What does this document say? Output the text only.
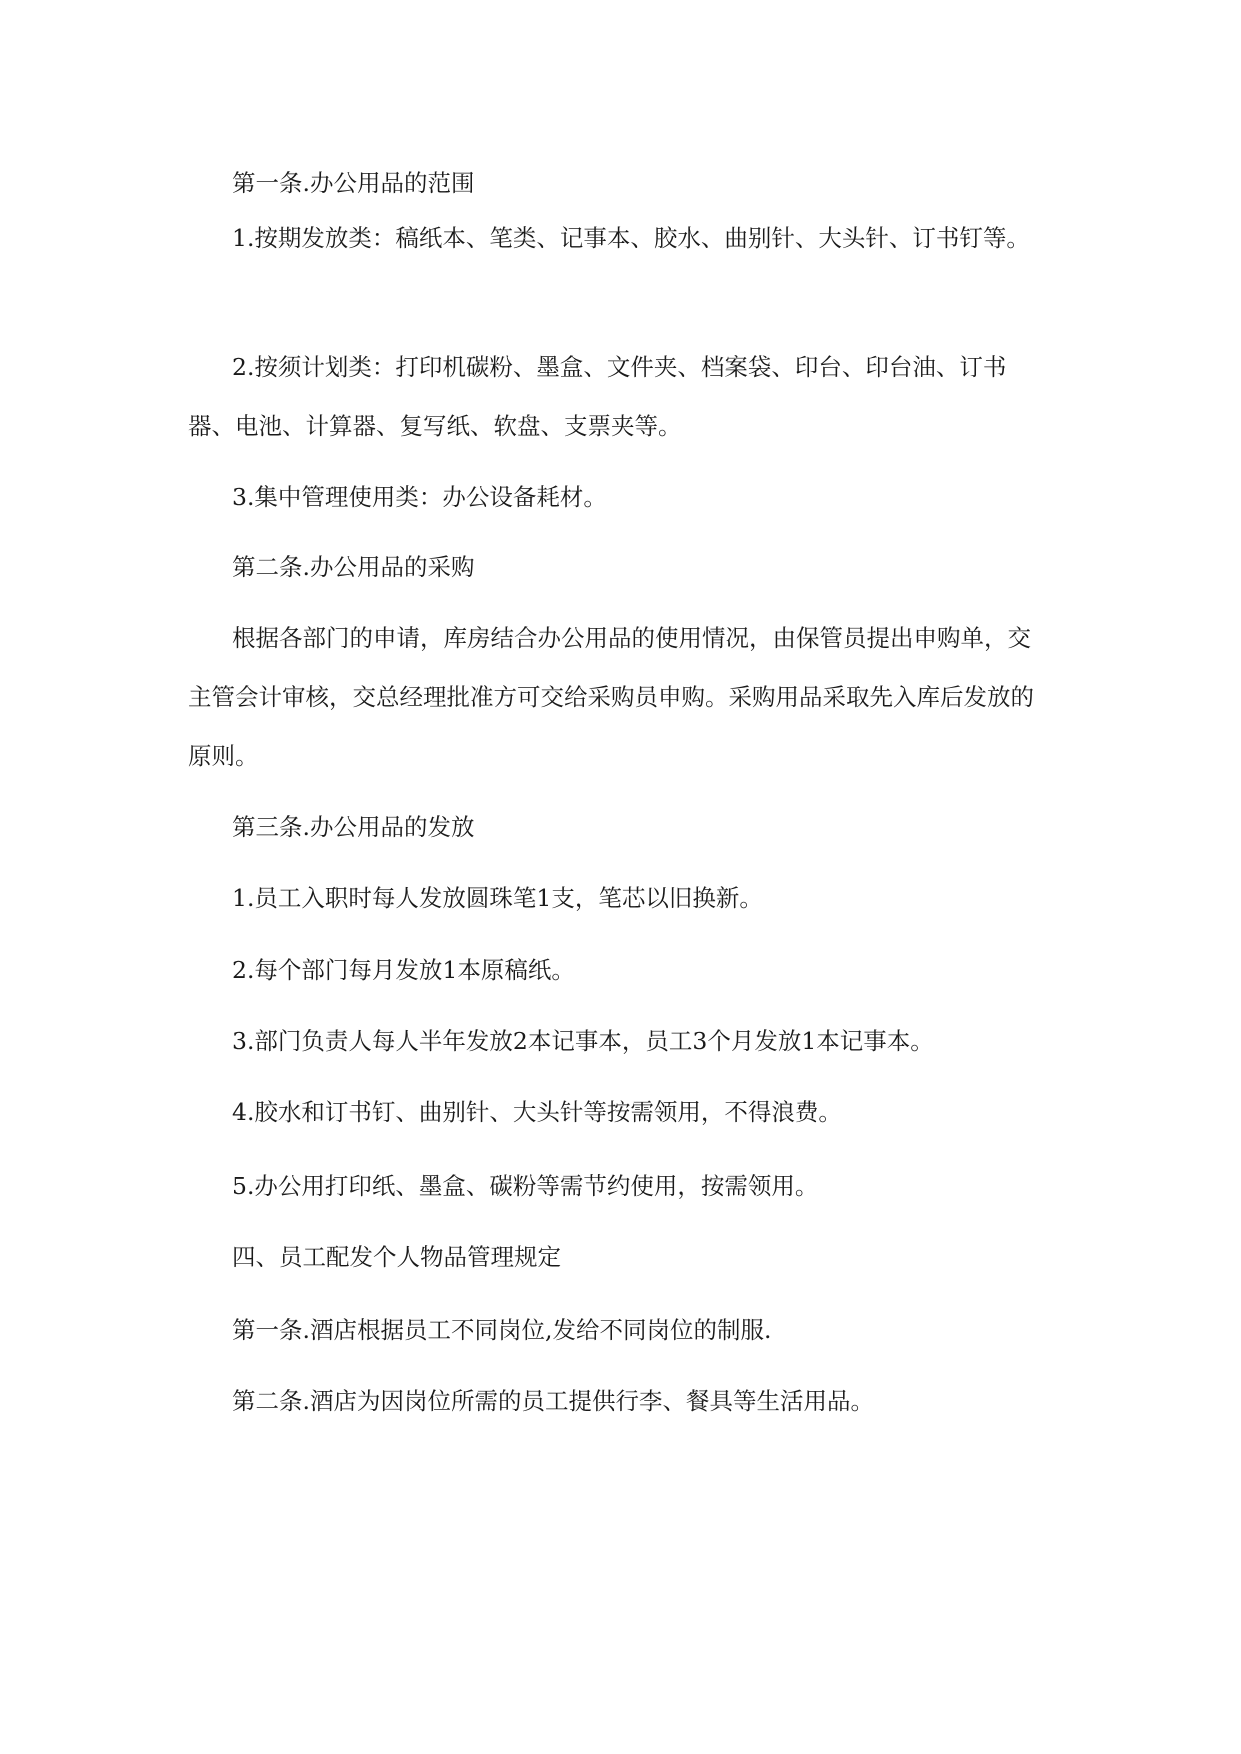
第一条.办公用品的范围

1.按期发放类：稿纸本、笔类、记事本、胶水、曲别针、大头针、订书钉等。

2.按须计划类：打印机碳粉、墨盒、文件夹、档案袋、印台、印台油、订书器、电池、计算器、复写纸、软盘、支票夹等。

3.集中管理使用类：办公设备耗材。

第二条.办公用品的采购

根据各部门的申请，库房结合办公用品的使用情况，由保管员提出申购单，交主管会计审核，交总经理批准方可交给采购员申购。采购用品采取先入库后发放的原则。

第三条.办公用品的发放

1.员工入职时每人发放圆珠笔1支，笔芯以旧换新。

2.每个部门每月发放1本原稿纸。

3.部门负责人每人半年发放2本记事本，员工3个月发放1本记事本。

4.胶水和订书钉、曲别针、大头针等按需领用，不得浪费。

5.办公用打印纸、墨盒、碳粉等需节约使用，按需领用。

四、员工配发个人物品管理规定

第一条.酒店根据员工不同岗位,发给不同岗位的制服.

第二条.酒店为因岗位所需的员工提供行李、餐具等生活用品。
